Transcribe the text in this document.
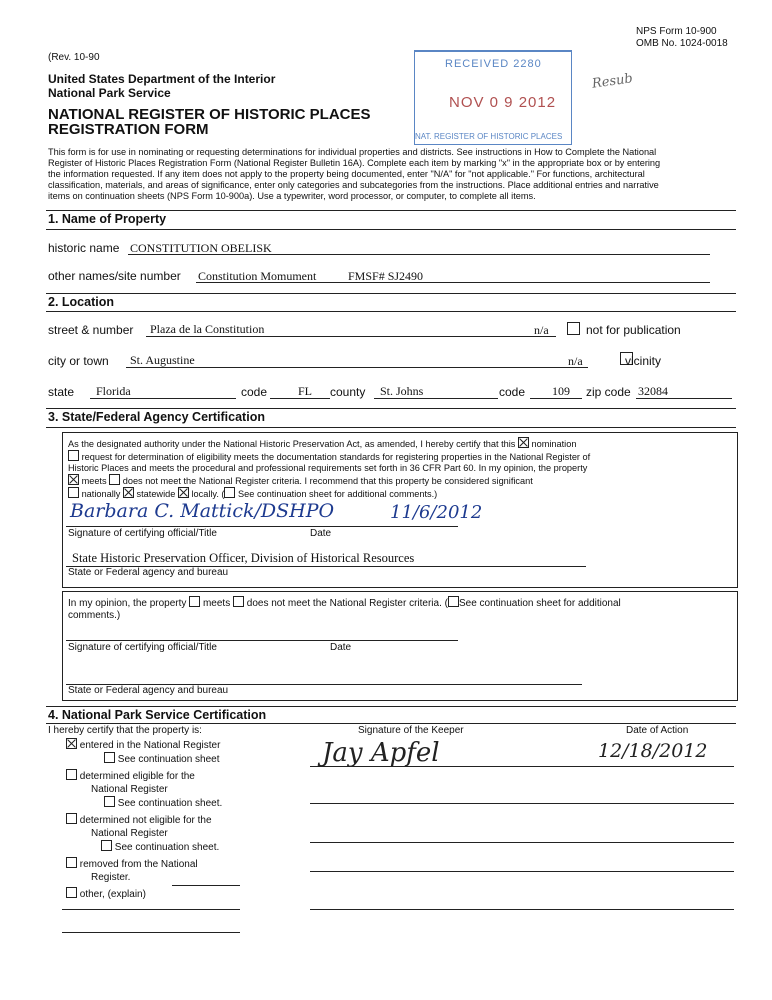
NPS Form 10-900
OMB No. 1024-0018
(Rev. 10-90
United States Department of the Interior
National Park Service
NATIONAL REGISTER OF HISTORIC PLACES
REGISTRATION FORM
RECEIVED 2280
NOV 0 9 2012
NAT. REGISTER OF HISTORIC PLACES
Resub
This form is for use in nominating or requesting determinations for individual properties and districts. See instructions in How to Complete the National
Register of Historic Places Registration Form (National Register Bulletin 16A). Complete each item by marking "x" in the appropriate box or by entering
the information requested. If any item does not apply to the property being documented, enter "N/A" for "not applicable." For functions, architectural
classification, materials, and areas of significance, enter only categories and subcategories from the instructions. Place additional entries and narrative
items on continuation sheets (NPS Form 10-900a). Use a typewriter, word processor, or computer, to complete all items.
1. Name of Property
historic name CONSTITUTION OBELISK
other names/site number Constitution Momument	FMSF# SJ2490
2. Location
street & number Plaza de la Constitution	n/a
	not for publication
city or town St. Augustine	n/a	vicinity
state Florida	code	FL county St. Johns	code 109 zip code 32084
3. State/Federal Agency Certification
As the designated authority under the National Historic Preservation Act, as amended, I hereby certify that this nomination
request for determination of eligibility meets the documentation standards for registering properties in the National Register of
Historic Places and meets the procedural and professional requirements set forth in 36 CFR Part 60. In my opinion, the property
meets does not meet the National Register criteria. I recommend that this property be considered significant
nationally statewide locally. ( See continuation sheet for additional comments.)
Barbara C. Mattick/DSHPO	11/6/2012
Signature of certifying official/Title	Date
State Historic Preservation Officer, Division of Historical Resources
State or Federal agency and bureau
In my opinion, the property meets does not meet the National Register criteria. ( See continuation sheet for additional
comments.)
Signature of certifying official/Title	Date
State or Federal agency and bureau
4. National Park Service Certification
I hereby certify that the property is:	Signature of the Keeper	Date of Action
Jay Apfel	12/18/2012
entered in the National Register
See continuation sheet
determined eligible for the
National Register
See continuation sheet.
determined not eligible for the
National Register
See continuation sheet.
removed from the National
Register.
other, (explain)
